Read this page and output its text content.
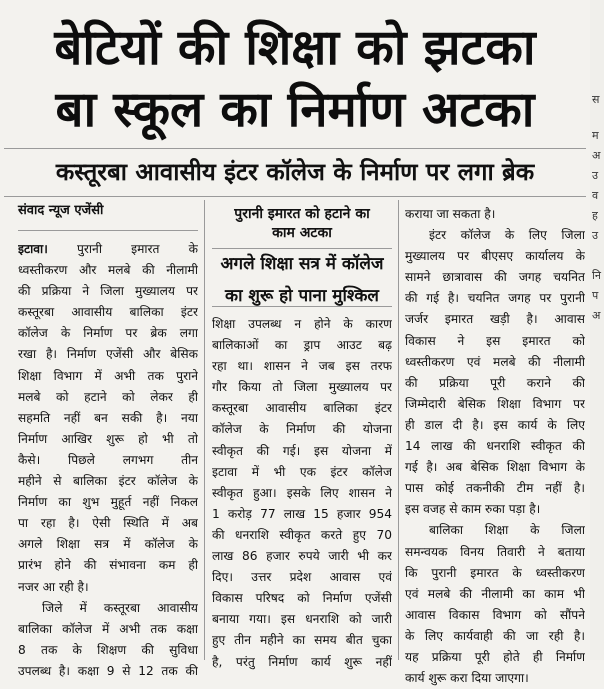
बेटियों की शिक्षा को झटका
बा स्कूल का निर्माण अटका
कस्तूरबा आवासीय इंटर कॉलेज के निर्माण पर लगा ब्रेक
संवाद न्यूज एजेंसी
इटावा। पुरानी इमारत के
ध्वस्तीकरण और मलबे की नीलामी
की प्रक्रिया ने जिला मुख्यालय पर
कस्तूरबा आवासीय बालिका इंटर
कॉलेज के निर्माण पर ब्रेक लगा
रखा है। निर्माण एजेंसी और बेसिक
शिक्षा विभाग में अभी तक पुराने
मलबे को हटाने को लेकर ही
सहमति नहीं बन सकी है। नया
निर्माण आखिर शुरू हो भी तो
कैसे। पिछले लगभग तीन
महीने से बालिका इंटर कॉलेज के
निर्माण का शुभ मुहूर्त नहीं निकल
पा रहा है। ऐसी स्थिति में अब
अगले शिक्षा सत्र में कॉलेज के
प्रारंभ होने की संभावना कम ही
नजर आ रही है।
जिले में कस्तूरबा आवासीय
बालिका कॉलेज में अभी तक कक्षा
8 तक के शिक्षण की सुविधा
उपलब्ध है। कक्षा 9 से 12 तक की
पुरानी इमारत को हटाने का
काम अटका
अगले शिक्षा सत्र में कॉलेज
का शुरू हो पाना मुश्किल
शिक्षा उपलब्ध न होने के कारण
बालिकाओं का ड्राप आउट बढ़
रहा था। शासन ने जब इस तरफ
गौर किया तो जिला मुख्यालय पर
कस्तूरबा आवासीय बालिका इंटर
कॉलेज के निर्माण की योजना
स्वीकृत की गई। इस योजना में
इटावा में भी एक इंटर कॉलेज
स्वीकृत हुआ। इसके लिए शासन ने
1 करोड़ 77 लाख 15 हजार 954
की धनराशि स्वीकृत करते हुए 70
लाख 86 हजार रुपये जारी भी कर
दिए। उत्तर प्रदेश आवास एवं
विकास परिषद को निर्माण एजेंसी
बनाया गया। इस धनराशि को जारी
हुए तीन महीने का समय बीत चुका
है, परंतु निर्माण कार्य शुरू नहीं
कराया जा सकता है।
इंटर कॉलेज के लिए जिला
मुख्यालय पर बीएसए कार्यालय के
सामने छात्रावास की जगह चयनित
की गई है। चयनित जगह पर पुरानी
जर्जर इमारत खड़ी है। आवास
विकास ने इस इमारत को
ध्वस्तीकरण एवं मलबे की नीलामी
की प्रक्रिया पूरी कराने की
जिम्मेदारी बेसिक शिक्षा विभाग पर
ही डाल दी है। इस कार्य के लिए
14 लाख की धनराशि स्वीकृत की
गई है। अब बेसिक शिक्षा विभाग के
पास कोई तकनीकी टीम नहीं है।
इस वजह से काम रुका पड़ा है।
बालिका शिक्षा के जिला
समन्वयक विनय तिवारी ने बताया
कि पुरानी इमारत के ध्वस्तीकरण
एवं मलबे की नीलामी का काम भी
आवास विकास विभाग को सौंपने
के लिए कार्यवाही की जा रही है।
यह प्रक्रिया पूरी होते ही निर्माण
कार्य शुरू करा दिया जाएगा।
स
म
अ
उ
व
ह
उ
नि
प
अ
